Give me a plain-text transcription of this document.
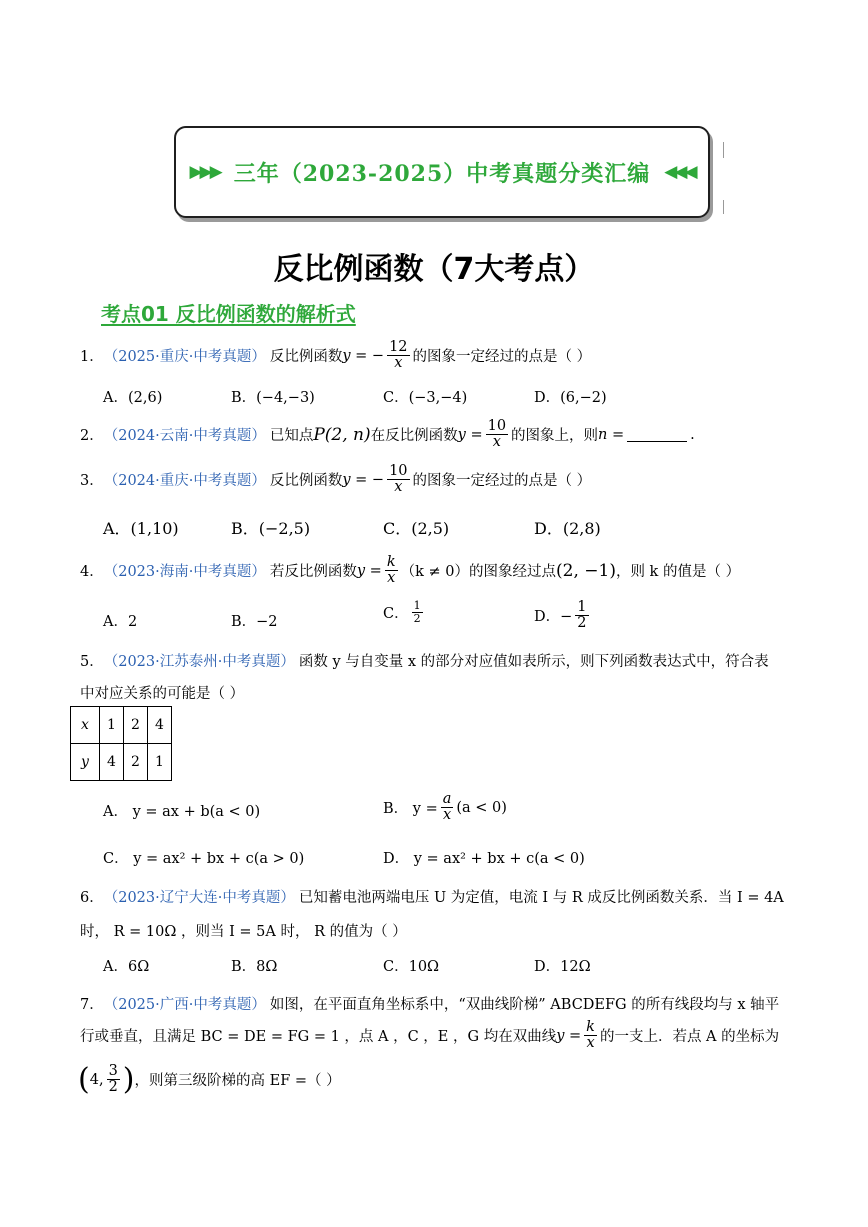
▶▶▶ 三年（2023-2025）中考真题分类汇编 ◀◀◀
反比例函数（7大考点）
考点01 反比例函数的解析式
1． （2025·重庆·中考真题） 反比例函数 y = − $\frac{12}{x}$ 的图象一定经过的点是（ ）
A．(2,6)	B．(−4,−3)	C．(−3,−4)	D．(6,−2)
2． （2024·云南·中考真题） 已知点 P(2, n) 在反比例函数 $y = \frac{10}{x}$ 的图象上，则 n =	.
3． （2024·重庆·中考真题） 反比例函数 y = − $\frac{10}{x}$ 的图象一定经过的点是（ ）
A．(1,10)	B．(−2,5)	C．(2,5)	D．(2,8)
4． （2023·海南·中考真题） 若反比例函数 $y = \frac{k}{x} (k \ne 0)$ 的图象经过点 (2, −1) ，则 k 的值是（ ）
A．2	B．−2
C． $\frac{1}{2}$	D．− $\frac{1}{2}$
5． （2023·江苏泰州·中考真题） 函数 y 与自变量 x 的部分对应值如表所示，则下列函数表达式中，符合表
中对应关系的可能是（ ）
x	1	2	4
y	4	2	1
A． y = ax + b(a < 0)	B． $y = \frac{a}{x} (a < 0)$
C． y = ax² + bx + c(a > 0)	D． y = ax² + bx + c(a < 0)
6． （2023·辽宁大连·中考真题） 已知蓄电池两端电压 U 为定值，电流 I 与 R 成反比例函数关系．当 I = 4A
时， R = 10Ω ，则当 I = 5A 时， R 的值为（ ）
A．6Ω	B．8Ω	C．10Ω	D．12Ω
7． （2025·广西·中考真题） 如图，在平面直角坐标系中，“双曲线阶梯” ABCDEFG 的所有线段均与 x 轴平
行或垂直，且满足 BC = DE = FG = 1 ，点 A ，C ，E ，G 均在双曲线 $y = \frac{k}{x}$ 的一支上．若点 A 的坐标为
( 4, $\frac{3}{2}$ ) ，则第三级阶梯的高 EF =（ ）
